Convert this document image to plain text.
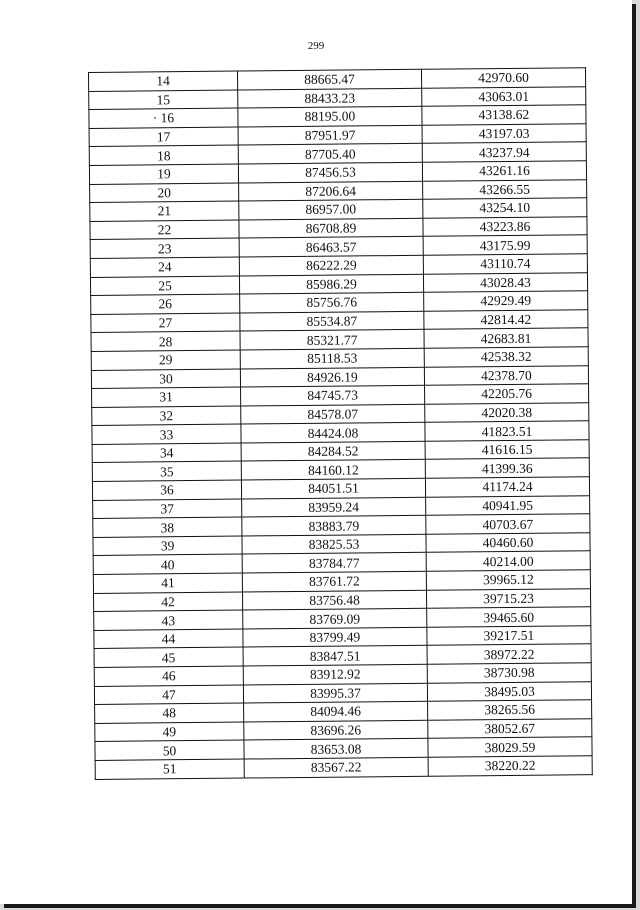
299
14	88665.47	42970.60
15	88433.23	43063.01
· 16	88195.00	43138.62
17	87951.97	43197.03
18	87705.40	43237.94
19	87456.53	43261.16
20	87206.64	43266.55
21	86957.00	43254.10
22	86708.89	43223.86
23	86463.57	43175.99
24	86222.29	43110.74
25	85986.29	43028.43
26	85756.76	42929.49
27	85534.87	42814.42
28	85321.77	42683.81
29	85118.53	42538.32
30	84926.19	42378.70
31	84745.73	42205.76
32	84578.07	42020.38
33	84424.08	41823.51
34	84284.52	41616.15
35	84160.12	41399.36
36	84051.51	41174.24
37	83959.24	40941.95
38	83883.79	40703.67
39	83825.53	40460.60
40	83784.77	40214.00
41	83761.72	39965.12
42	83756.48	39715.23
43	83769.09	39465.60
44	83799.49	39217.51
45	83847.51	38972.22
46	83912.92	38730.98
47	83995.37	38495.03
48	84094.46	38265.56
49	83696.26	38052.67
50	83653.08	38029.59
51	83567.22	38220.22
